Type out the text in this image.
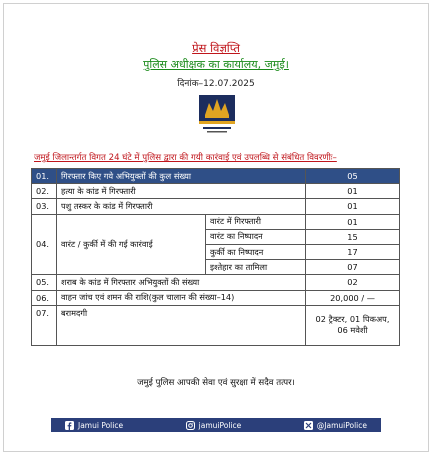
प्रेस विज्ञप्ति
पुलिस अधीक्षक का कार्यालय, जमुई।
दिनांक–12.07.2025
जमुई जिलान्तर्गत विगत 24 घंटे में पुलिस द्वारा की गयी कारंवाई एवं उपलब्धि से संबंधित विवरणीः–
01.	गिरफ्तार किए गये अभियुक्तों की कुल संख्या		05
02.	हत्या के कांड में गिरफ्तारी		01
03.	पशु तस्कर के कांड में गिरफ्तारी		01
04.	वारंट / कुर्की में की गई कारंवाई	वारंट में गिरफ्तारी	01
		वारंट का निष्पादन	15
		कुर्की का निष्पादन	17
		इश्तेहार का तामिला	07
05.	शराब के कांड में गिरफ्तार अभियुक्तों की संख्या		02
06.	वाहन जांच एवं शमन की राशि(कुल चालान की संख्या–14)		20,000 / —
07.	बरामदगी		02 ट्रैक्टर, 01 पिकअप,
06 मवेशी
जमुई पुलिस आपकी सेवा एवं सुरक्षा में सदैव तत्पर।
Jamui Police	jamuiPolice	@JamuiPolice
